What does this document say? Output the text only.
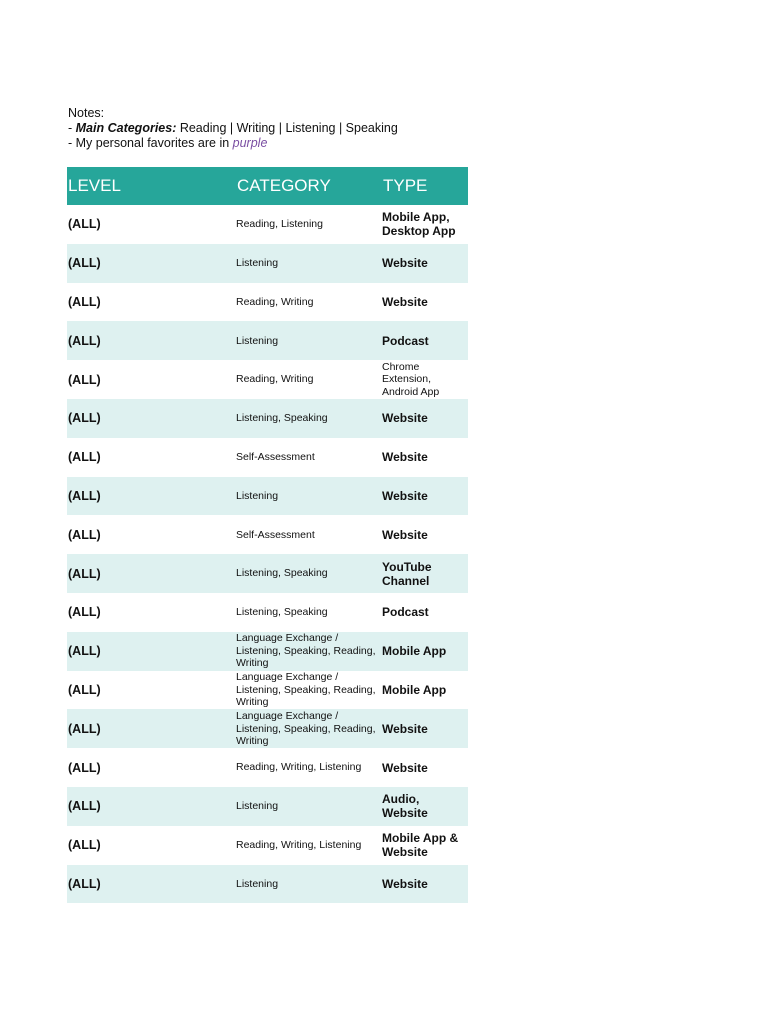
Notes:
- Main Categories: Reading | Writing | Listening | Speaking
- My personal favorites are in purple
LEVEL	CATEGORY	TYPE
(ALL)	Reading, Listening	Mobile App, Desktop App
(ALL)	Listening	Website
(ALL)	Reading, Writing	Website
(ALL)	Listening	Podcast
(ALL)	Reading, Writing	Chrome Extension, Android App
(ALL)	Listening, Speaking	Website
(ALL)	Self-Assessment	Website
(ALL)	Listening	Website
(ALL)	Self-Assessment	Website
(ALL)	Listening, Speaking	YouTube Channel
(ALL)	Listening, Speaking	Podcast
(ALL)	Language Exchange / Listening, Speaking, Reading, Writing	Mobile App
(ALL)	Language Exchange / Listening, Speaking, Reading, Writing	Mobile App
(ALL)	Language Exchange / Listening, Speaking, Reading, Writing	Website
(ALL)	Reading, Writing, Listening	Website
(ALL)	Listening	Audio, Website
(ALL)	Reading, Writing, Listening	Mobile App & Website
(ALL)	Listening	Website
